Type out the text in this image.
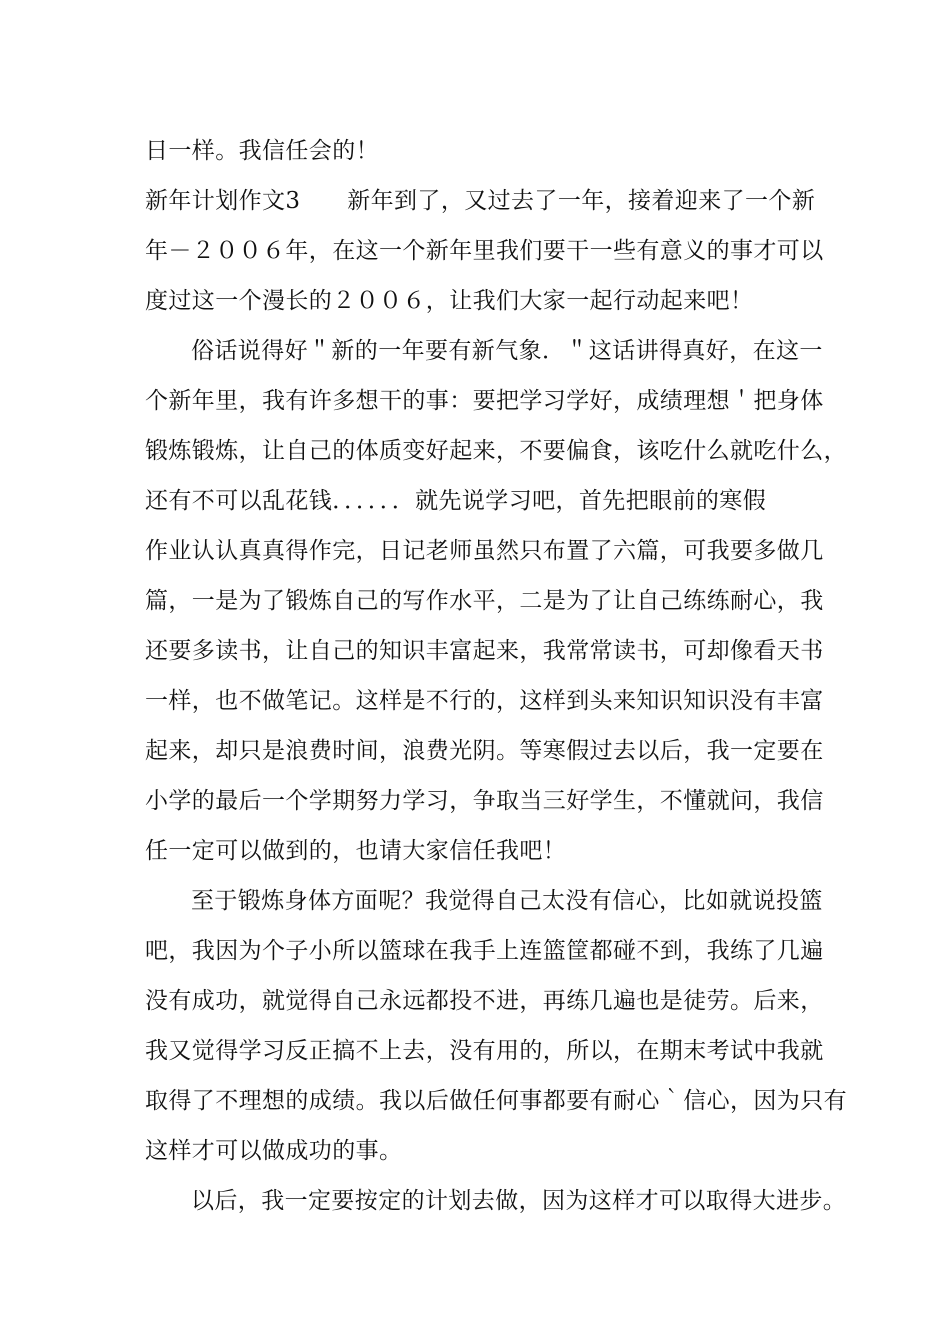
日一样。我信任会的！
新年计划作文3　　新年到了，又过去了一年，接着迎来了一个新
年－２００６年，在这一个新年里我们要干一些有意义的事才可以
度过这一个漫长的２００６，让我们大家一起行动起来吧！
俗话说得好＂新的一年要有新气象．＂这话讲得真好，在这一
个新年里，我有许多想干的事：要把学习学好，成绩理想＇把身体
锻炼锻炼，让自己的体质变好起来，不要偏食，该吃什么就吃什么，
还有不可以乱花钱．．．．．．就先说学习吧，首先把眼前的寒假
作业认认真真得作完，日记老师虽然只布置了六篇，可我要多做几
篇，一是为了锻炼自己的写作水平，二是为了让自己练练耐心，我
还要多读书，让自己的知识丰富起来，我常常读书，可却像看天书
一样，也不做笔记。这样是不行的，这样到头来知识知识没有丰富
起来，却只是浪费时间，浪费光阴。等寒假过去以后，我一定要在
小学的最后一个学期努力学习，争取当三好学生，不懂就问，我信
任一定可以做到的，也请大家信任我吧！
至于锻炼身体方面呢？我觉得自己太没有信心，比如就说投篮
吧，我因为个子小所以篮球在我手上连篮筐都碰不到，我练了几遍
没有成功，就觉得自己永远都投不进，再练几遍也是徒劳。后来，
我又觉得学习反正搞不上去，没有用的，所以，在期末考试中我就
取得了不理想的成绩。我以后做任何事都要有耐心｀信心，因为只有
这样才可以做成功的事。
以后，我一定要按定的计划去做，因为这样才可以取得大进步。
